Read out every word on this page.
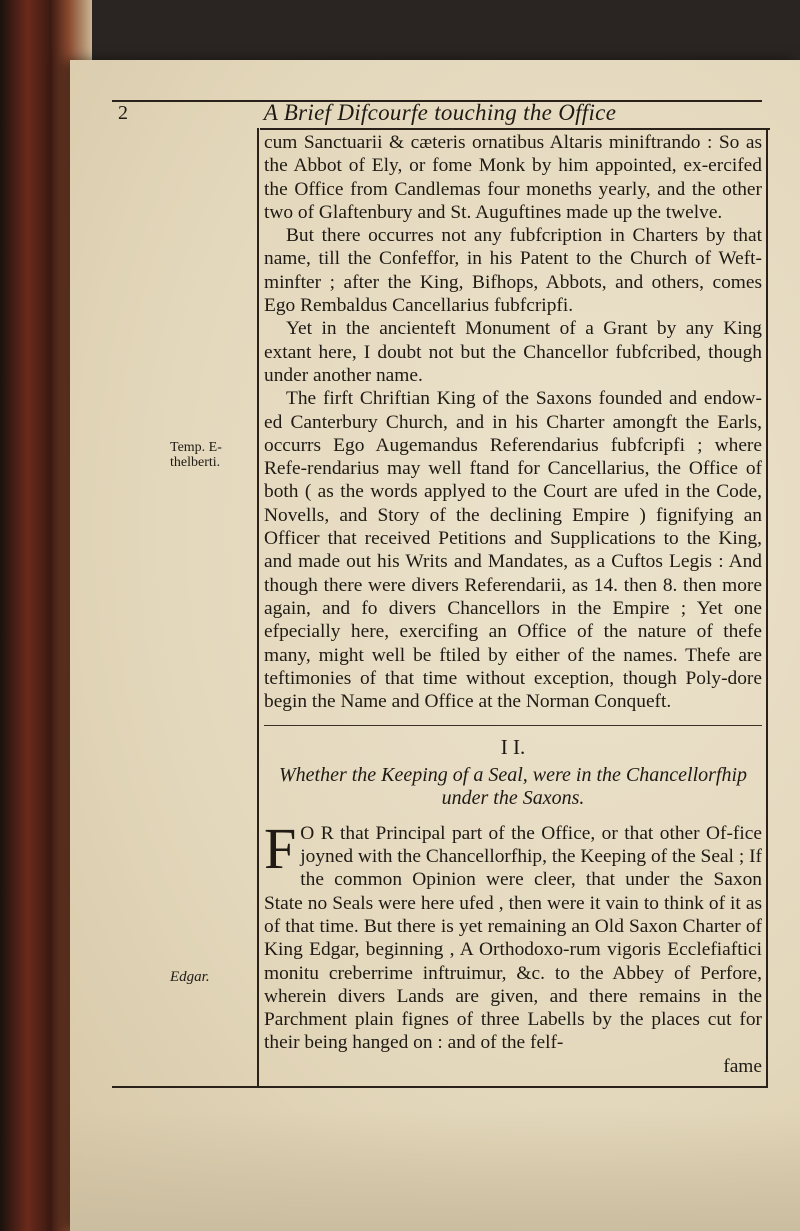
2	A Brief Difcourfe touching the Office
Temp. E-thelberti.
Edgar.

cum Sanctuarii & cæteris ornatibus Altaris miniftrando : So as the Abbot of Ely, or fome Monk by him appointed, ex-ercifed the Office from Candlemas four moneths yearly, and the other two of Glaftenbury and St. Auguftines made up the twelve.

But there occurres not any fubfcription in Charters by that name, till the Confeffor, in his Patent to the Church of Weft-minfter ; after the King, Bifhops, Abbots, and others, comes Ego Rembaldus Cancellarius fubfcripfi.

Yet in the ancienteft Monument of a Grant by any King extant here, I doubt not but the Chancellor fubfcribed, though under another name.

The firft Chriftian King of the Saxons founded and endow-ed Canterbury Church, and in his Charter amongft the Earls, occurrs Ego Augemandus Referendarius fubfcripfi ; where Refe-rendarius may well ftand for Cancellarius, the Office of both ( as the words applyed to the Court are ufed in the Code, Novells, and Story of the declining Empire ) fignifying an Officer that received Petitions and Supplications to the King, and made out his Writs and Mandates, as a Cuftos Legis : And though there were divers Referendarii, as 14. then 8. then more again, and fo divers Chancellors in the Empire ; Yet one efpecially here, exercifing an Office of the nature of thefe many, might well be ftiled by either of the names. Thefe are teftimonies of that time without exception, though Poly-dore begin the Name and Office at the Norman Conqueft.

I I.
Whether the Keeping of a Seal, were in the Chancellorfhip under the Saxons.

F O R that Principal part of the Office, or that other Of-fice joyned with the Chancellorfhip, the Keeping of the Seal ; If the common Opinion were cleer, that under the Saxon State no Seals were here ufed , then were it vain to think of it as of that time. But there is yet remaining an Old Saxon Charter of King Edgar, beginning , A Orthodoxo-rum vigoris Ecclefiaftici monitu creberrime inftruimur, &c. to the Abbey of Perfore, wherein divers Lands are given, and there remains in the Parchment plain fignes of three Labells by the places cut for their being hanged on : and of the felf-

fame
